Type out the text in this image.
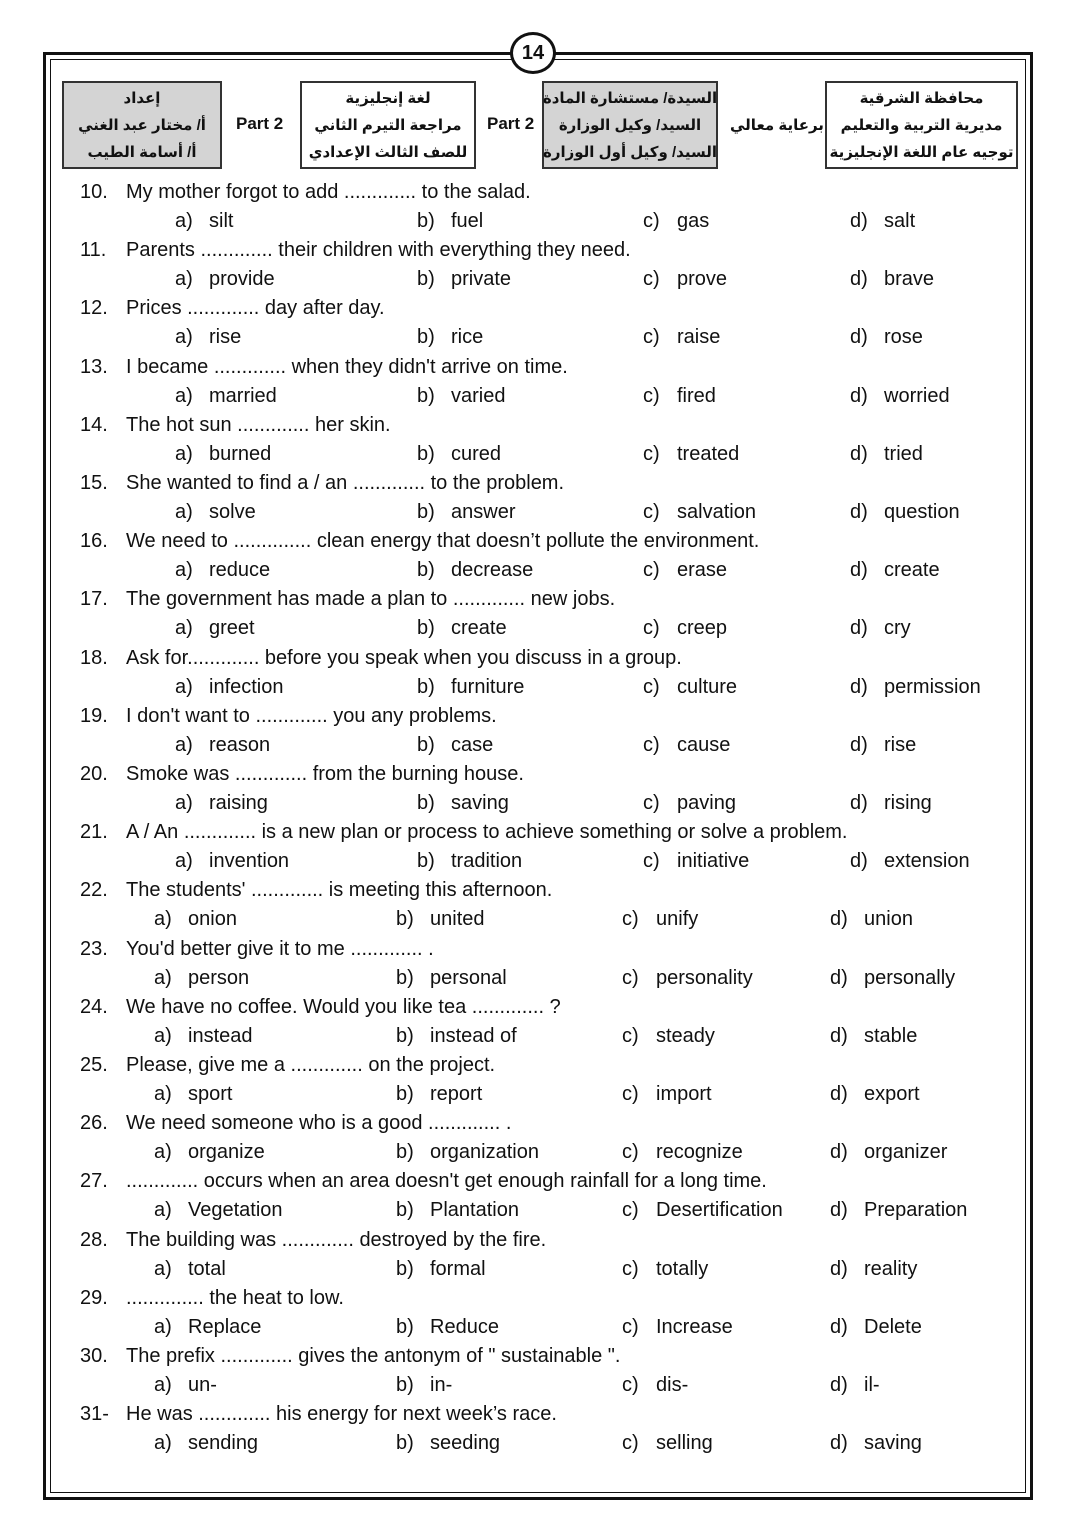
14
محافظة الشرقية
مديرية التربية والتعليم
توجيه عام اللغة الإنجليزية
برعاية معالي
السيدة/ مستشارة المادة
السيد/ وكيل الوزارة
السيد/ وكيل أول الوزارة
Part 2
لغة إنجليزية
مراجعة التيرم الثاني
للصف الثالث الإعدادي
Part 2
إعداد
أ/ مختار عبد الغني
أ/ أسامة الطيب
10. My mother forgot to add ............. to the salad.
a) silt	b) fuel	c) gas	d) salt
11. Parents ............. their children with everything they need.
a) provide	b) private	c) prove	d) brave
12. Prices ............. day after day.
a) rise	b) rice	c) raise	d) rose
13. I became ............. when they didn't arrive on time.
a) married	b) varied	c) fired	d) worried
14. The hot sun ............. her skin.
a) burned	b) cured	c) treated	d) tried
15. She wanted to find a / an ............. to the problem.
a) solve	b) answer	c) salvation	d) question
16. We need to .............. clean energy that doesn’t pollute the environment.
a) reduce	b) decrease	c) erase	d) create
17. The government has made a plan to ............. new jobs.
a) greet	b) create	c) creep	d) cry
18. Ask for............. before you speak when you discuss in a group.
a) infection	b) furniture	c) culture	d) permission
19. I don't want to ............. you any problems.
a) reason	b) case	c) cause	d) rise
20. Smoke was ............. from the burning house.
a) raising	b) saving	c) paving	d) rising
21. A / An ............. is a new plan or process to achieve something or solve a problem.
a) invention	b) tradition	c) initiative	d) extension
22. The students' ............. is meeting this afternoon.
a) onion	b) united	c) unify	d) union
23. You'd better give it to me ............. .
a) person	b) personal	c) personality	d) personally
24. We have no coffee. Would you like tea ............. ?
a) instead	b) instead of	c) steady	d) stable
25. Please, give me a ............. on the project.
a) sport	b) report	c) import	d) export
26. We need someone who is a good ............. .
a) organize	b) organization	c) recognize	d) organizer
27. ............. occurs when an area doesn't get enough rainfall for a long time.
a) Vegetation	b) Plantation	c) Desertification d) Preparation
28. The building was ............. destroyed by the fire.
a) total	b) formal	c) totally	d) reality
29. .............. the heat to low.
a) Replace	b) Reduce	c) Increase	d) Delete
30. The prefix ............. gives the antonym of " sustainable ".
a) un-	b) in-	c) dis-	d) il-
31- He was ............. his energy for next week’s race.
a) sending	b) seeding	c) selling	d) saving
